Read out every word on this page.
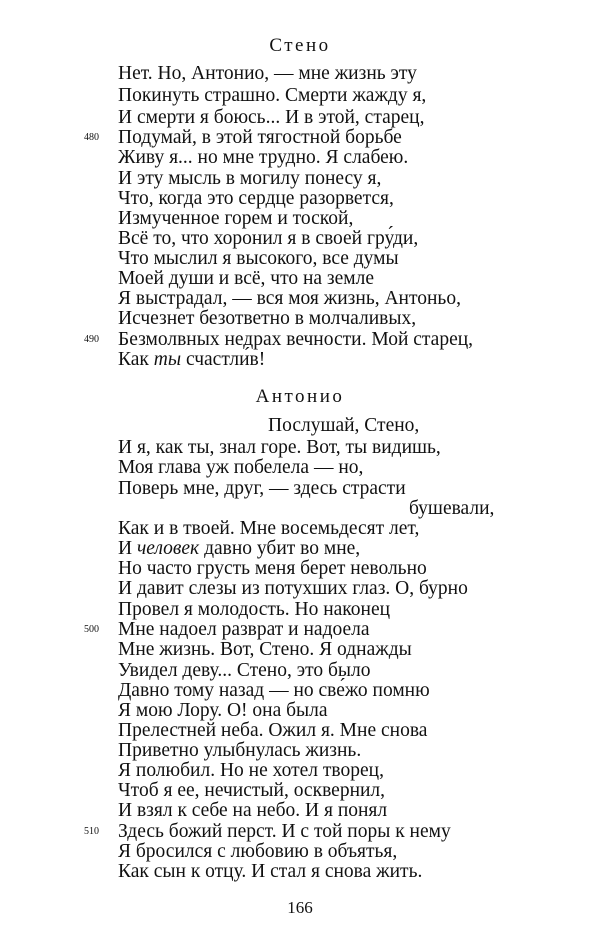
Стено
Нет. Но, Антонио, — мне жизнь эту
Покинуть страшно. Смерти жажду я,
И смерти я боюсь... И в этой, старец,
480 Подумай, в этой тягостной борьбе
Живу я... но мне трудно. Я слабею.
И эту мысль в могилу понесу я,
Что, когда это сердце разорвется,
Измученное горем и тоской,
Всё то, что хоронил я в своей гру́ди,
Что мыслил я высокого, все думы
Моей души и всё, что на земле
Я выстрадал, — вся моя жизнь, Антоньо,
Исчезнет безответно в молчаливых,
490 Безмолвных недрах вечности. Мой старец,
Как ты счастли́в!
Антонио
Послушай, Стено,
И я, как ты, знал горе. Вот, ты видишь,
Моя глава уж побелела — но,
Поверь мне, друг, — здесь страсти
бушевали,
Как и в твоей. Мне восемьдесят лет,
И человек давно убит во мне,
Но часто грусть меня берет невольно
И давит слезы из потухших глаз. О, бурно
Провел я молодость. Но наконец
500 Мне надоел разврат и надоела
Мне жизнь. Вот, Стено. Я однажды
Увидел деву... Стено, это было
Давно тому назад — но све́жо помню
Я мою Лору. О! она была
Прелестней неба. Ожил я. Мне снова
Приветно улыбнулась жизнь.
Я полюбил. Но не хотел творец,
Чтоб я ее, нечистый, осквернил,
И взял к себе на небо. И я понял
510 Здесь божий перст. И с той поры к нему
Я бросился с любовию в объятья,
Как сын к отцу. И стал я снова жить.
166
